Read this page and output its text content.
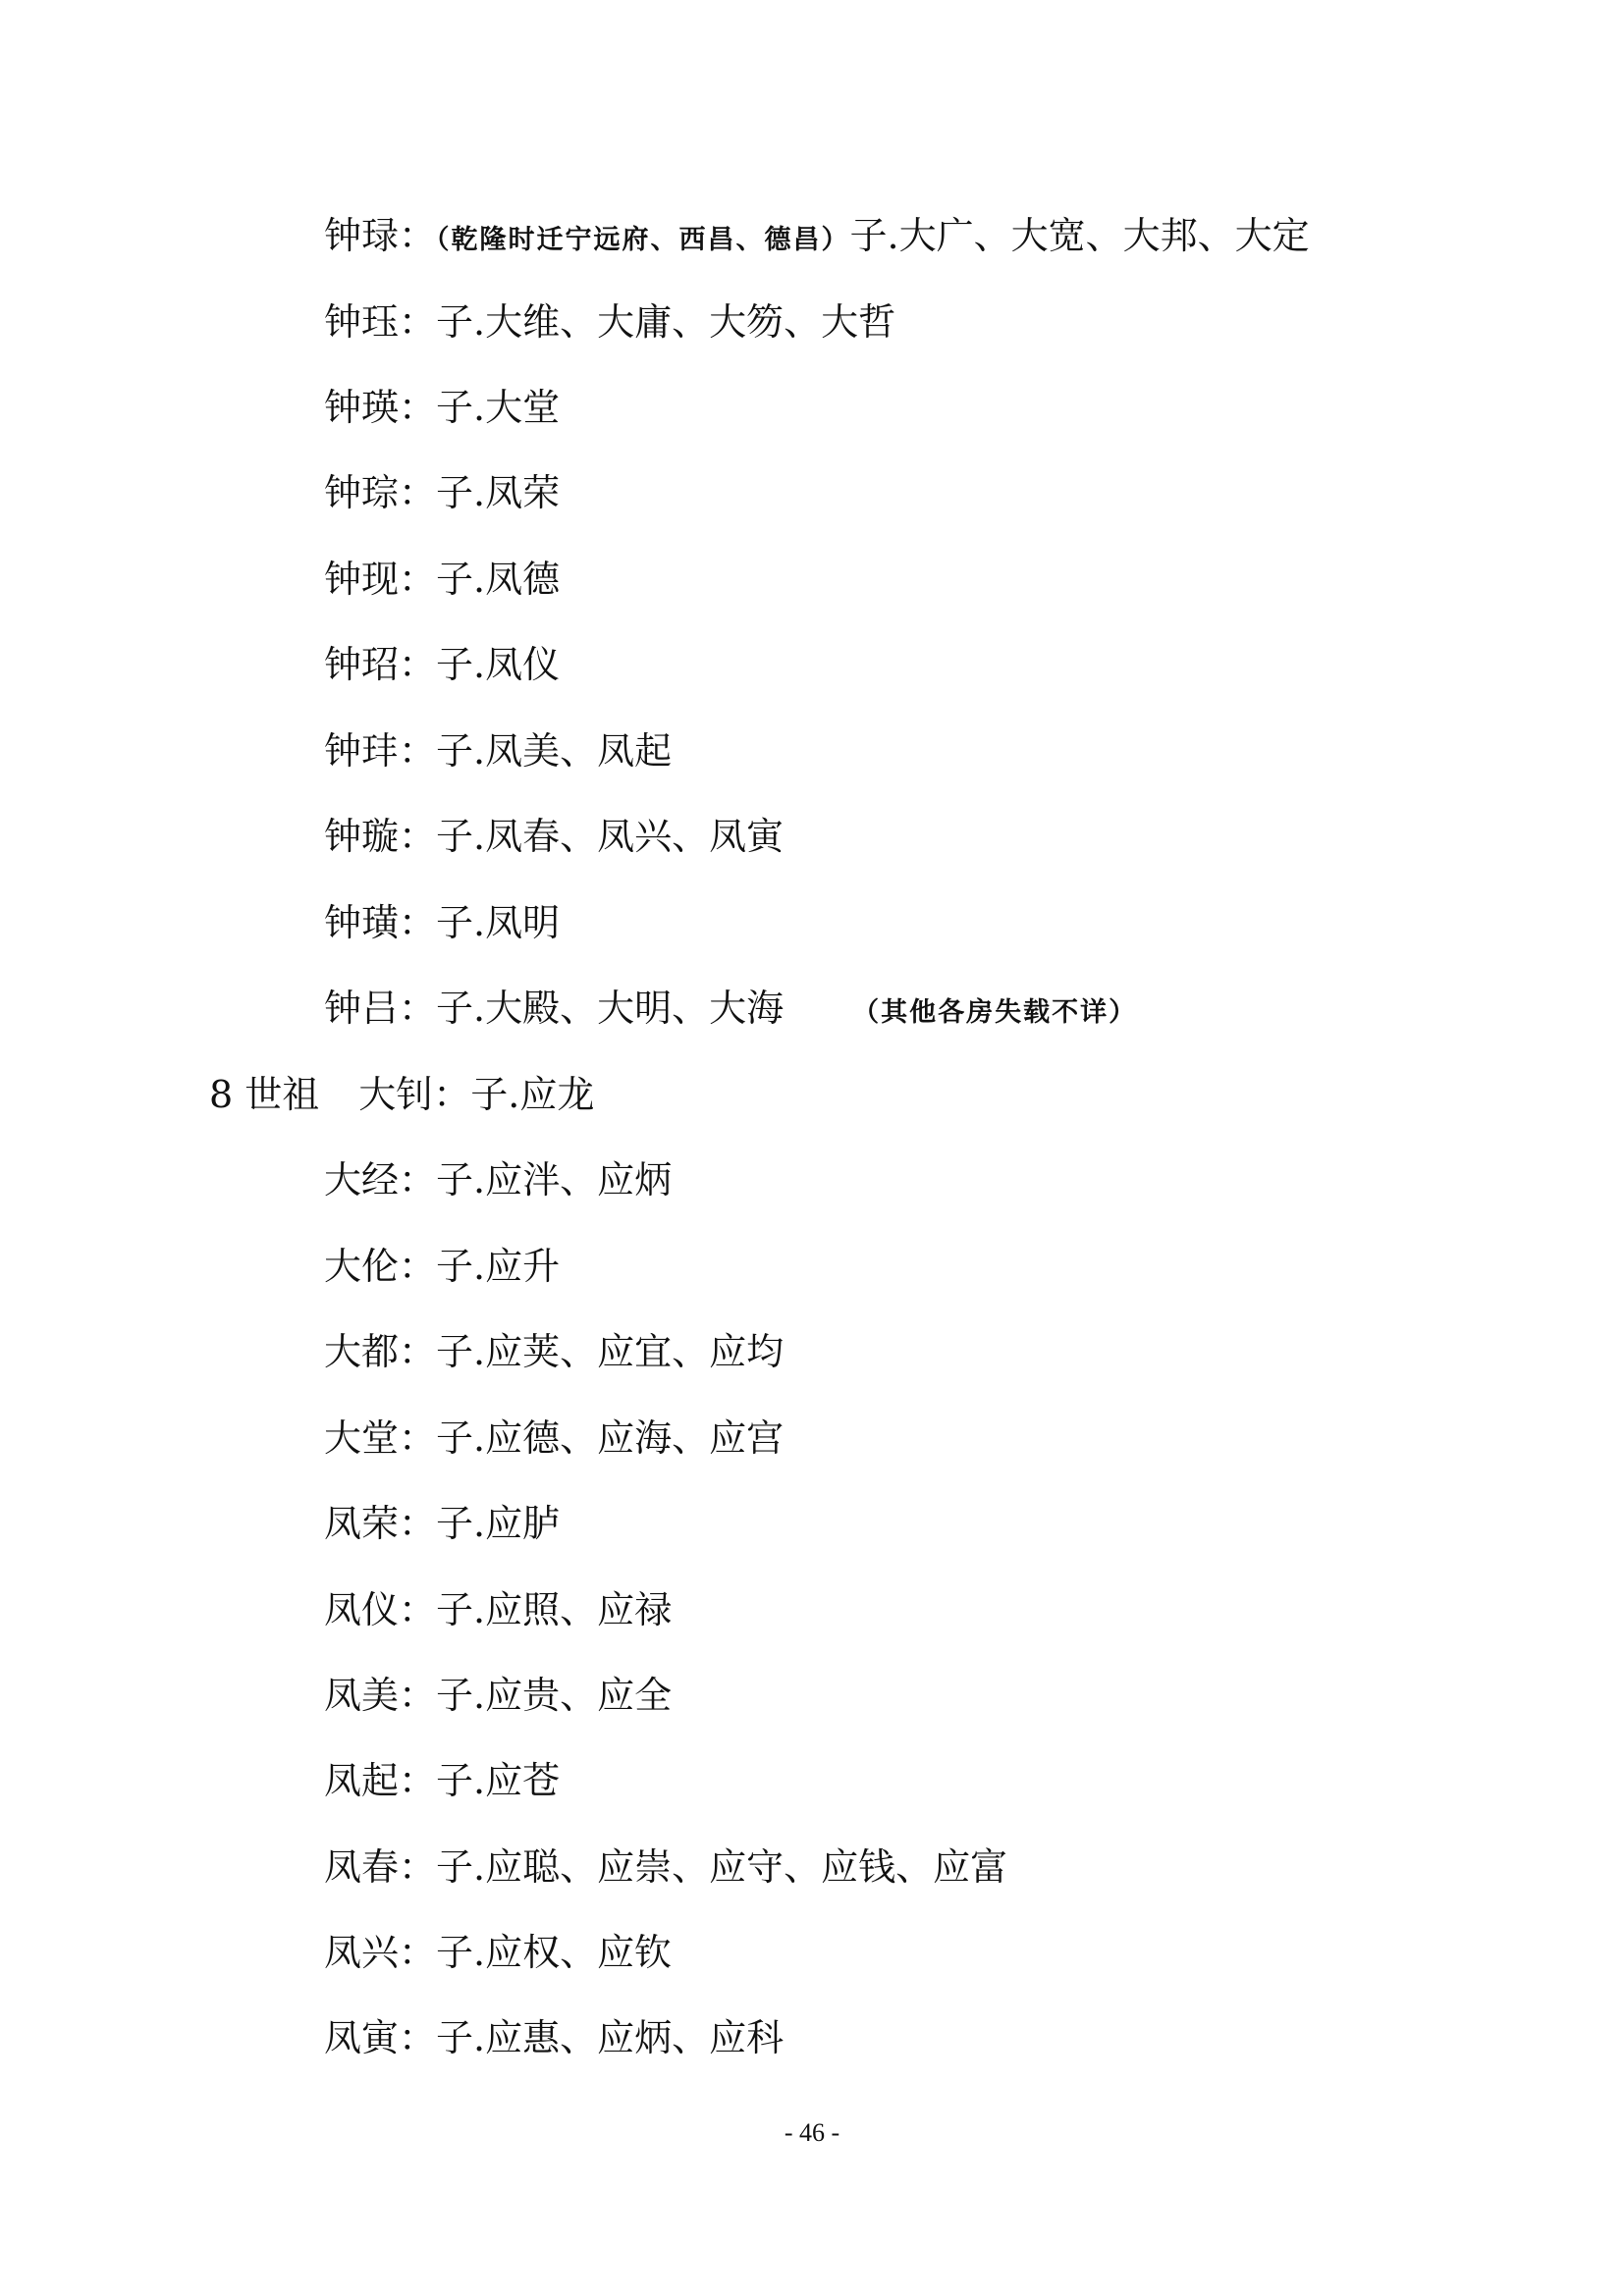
钟琭：（乾隆时迁宁远府、西昌、德昌）子.大广、大宽、大邦、大定
钟珏：子.大维、大庸、大笏、大哲
钟瑛：子.大堂
钟琮：子.凤荣
钟现：子.凤德
钟玿：子.凤仪
钟玤：子.凤美、凤起
钟璇：子.凤春、凤兴、凤寅
钟璜：子.凤明
钟吕：子.大殿、大明、大海	（其他各房失载不详）
8 世祖 大钊：子.应龙
大经：子.应泮、应炳
大伦：子.应升
大都：子.应荚、应宜、应均
大堂：子.应德、应海、应宫
凤荣：子.应胪
凤仪：子.应照、应禄
凤美：子.应贵、应全
凤起：子.应苍
凤春：子.应聪、应崇、应守、应钱、应富
凤兴：子.应权、应钦
凤寅：子.应惠、应炳、应科
- 46 -
